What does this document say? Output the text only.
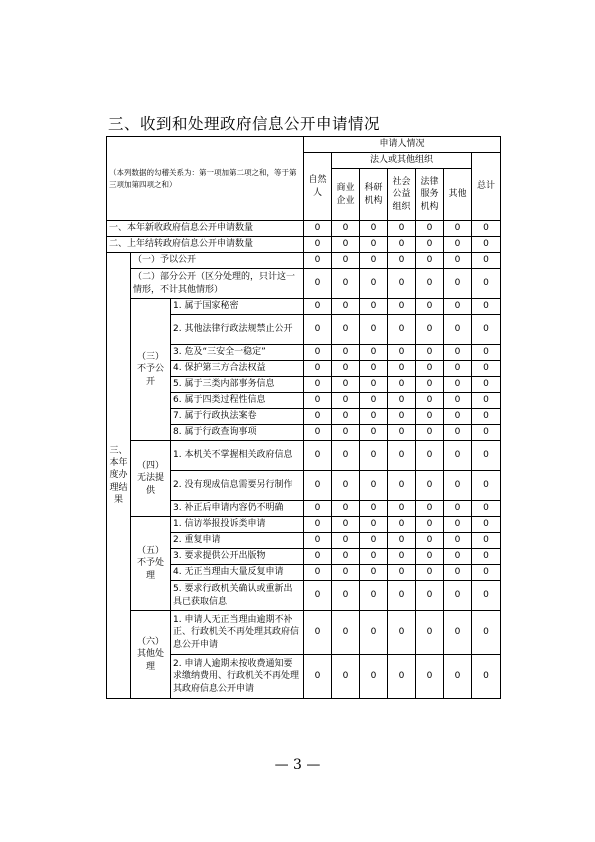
三、收到和处理政府信息公开申请情况
（本列数据的勾稽关系为：第一项加第二项之和，等于第三项加第四项之和）			申请人情况						
			自然人	法人或其他组织					总计
				商业企业	科研机构	社会公益组织	法律服务机构	其他	
一、本年新收政府信息公开申请数量			0	0	0	0	0	0	0
二、上年结转政府信息公开申请数量			0	0	0	0	0	0	0
三、本年度办理结果	（一）予以公开		0	0	0	0	0	0	0
	（二）部分公开（区分处理的，只计这一情形，不计其他情形）		0	0	0	0	0	0	0
	（三）不予公开	1. 属于国家秘密	0	0	0	0	0	0	0
		2. 其他法律行政法规禁止公开	0	0	0	0	0	0	0
		3. 危及“三安全一稳定”	0	0	0	0	0	0	0
		4. 保护第三方合法权益	0	0	0	0	0	0	0
		5. 属于三类内部事务信息	0	0	0	0	0	0	0
		6. 属于四类过程性信息	0	0	0	0	0	0	0
		7. 属于行政执法案卷	0	0	0	0	0	0	0
		8. 属于行政查询事项	0	0	0	0	0	0	0
	（四）无法提供	1. 本机关不掌握相关政府信息	0	0	0	0	0	0	0
		2. 没有现成信息需要另行制作	0	0	0	0	0	0	0
		3. 补正后申请内容仍不明确	0	0	0	0	0	0	0
	（五）不予处理	1. 信访举报投诉类申请	0	0	0	0	0	0	0
		2. 重复申请	0	0	0	0	0	0	0
		3. 要求提供公开出版物	0	0	0	0	0	0	0
		4. 无正当理由大量反复申请	0	0	0	0	0	0	0
		5. 要求行政机关确认或重新出具已获取信息	0	0	0	0	0	0	0
	（六）其他处理	1. 申请人无正当理由逾期不补正、行政机关不再处理其政府信息公开申请	0	0	0	0	0	0	0
		2. 申请人逾期未按收费通知要求缴纳费用、行政机关不再处理其政府信息公开申请	0	0	0	0	0	0	0
— 3 —
